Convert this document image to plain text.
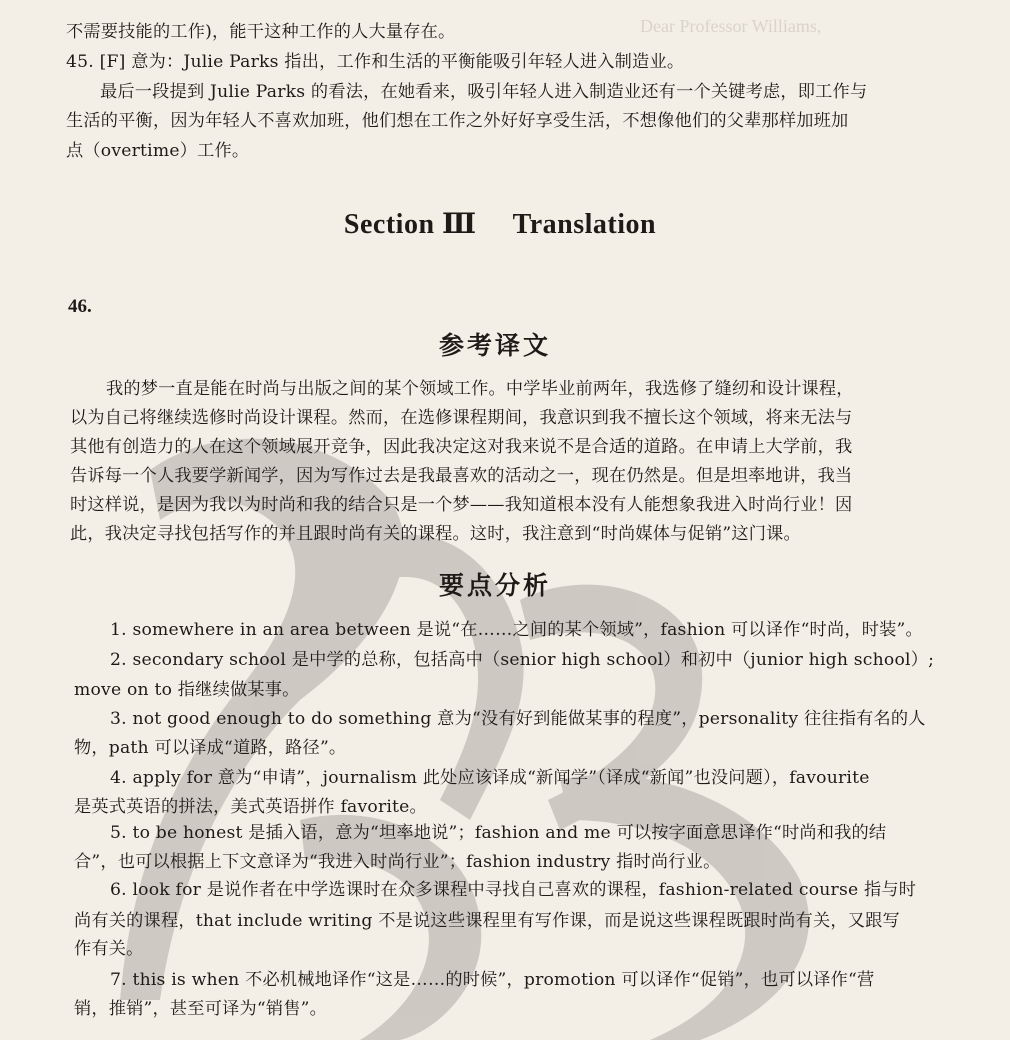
Dear Professor Williams,
不需要技能的工作)，能干这种工作的人大量存在。
45. [F] 意为：Julie Parks 指出，工作和生活的平衡能吸引年轻人进入制造业。
最后一段提到 Julie Parks 的看法，在她看来，吸引年轻人进入制造业还有一个关键考虑，即工作与
生活的平衡，因为年轻人不喜欢加班，他们想在工作之外好好享受生活，不想像他们的父辈那样加班加
点（overtime）工作。
Section Ⅲ Translation
46.
参考译文
我的梦一直是能在时尚与出版之间的某个领域工作。中学毕业前两年，我选修了缝纫和设计课程，
以为自己将继续选修时尚设计课程。然而，在选修课程期间，我意识到我不擅长这个领域，将来无法与
其他有创造力的人在这个领域展开竞争，因此我决定这对我来说不是合适的道路。在申请上大学前，我
告诉每一个人我要学新闻学，因为写作过去是我最喜欢的活动之一，现在仍然是。但是坦率地讲，我当
时这样说，是因为我以为时尚和我的结合只是一个梦——我知道根本没有人能想象我进入时尚行业！因
此，我决定寻找包括写作的并且跟时尚有关的课程。这时，我注意到“时尚媒体与促销”这门课。
要点分析
1. somewhere in an area between 是说“在……之间的某个领域”，fashion 可以译作“时尚，时装”。
2. secondary school 是中学的总称，包括高中（senior high school）和初中（junior high school）;
move on to 指继续做某事。
3. not good enough to do something 意为“没有好到能做某事的程度”，personality 往往指有名的人
物，path 可以译成“道路，路径”。
4. apply for 意为“申请”，journalism 此处应该译成“新闻学”（译成“新闻”也没问题），favourite
是英式英语的拼法，美式英语拼作 favorite。
5. to be honest 是插入语，意为“坦率地说”；fashion and me 可以按字面意思译作“时尚和我的结
合”，也可以根据上下文意译为“我进入时尚行业”；fashion industry 指时尚行业。
6. look for 是说作者在中学选课时在众多课程中寻找自己喜欢的课程，fashion-related course 指与时
尚有关的课程，that include writing 不是说这些课程里有写作课，而是说这些课程既跟时尚有关，又跟写
作有关。
7. this is when 不必机械地译作“这是……的时候”，promotion 可以译作“促销”，也可以译作“营
销，推销”，甚至可译为“销售”。
